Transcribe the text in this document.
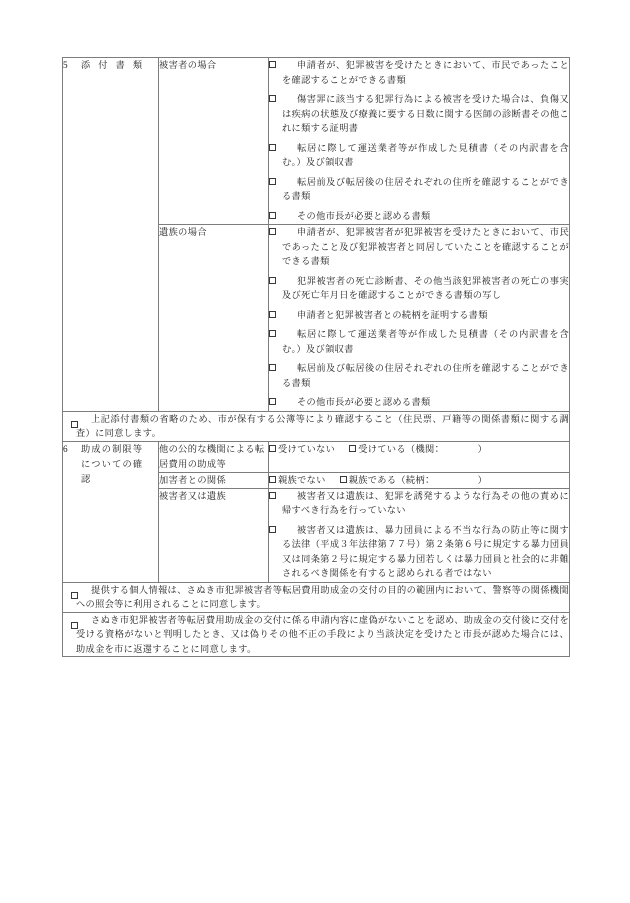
5 添付書類	被害者の場合	申請者が、犯罪被害を受けたときにおいて、市民であったことを確認することができる書類
傷害罪に該当する犯罪行為による被害を受けた場合は、負傷又は疾病の状態及び療養に要する日数に関する医師の診断書その他これに類する証明書
転居に際して運送業者等が作成した見積書（その内訳書を含む。）及び領収書
転居前及び転居後の住居それぞれの住所を確認することができる書類
その他市長が必要と認める書類

遺族の場合	申請者が、犯罪被害者が犯罪被害を受けたときにおいて、市民であったこと及び犯罪被害者と同居していたことを確認することができる書類
犯罪被害者の死亡診断書、その他当該犯罪被害者の死亡の事実及び死亡年月日を確認することができる書類の写し
申請者と犯罪被害者との続柄を証明する書類
転居に際して運送業者等が作成した見積書（その内訳書を含む。）及び領収書
転居前及び転居後の住居それぞれの住所を確認することができる書類
その他市長が必要と認める書類

上記添付書類の省略のため、市が保有する公簿等により確認すること（住民票、戸籍等の関係書類に関する調査）に同意します。		

6 助成の制限等についての確認	他の公的な機関による転居費用の助成等	受けていない 受けている（機関：　　　　）
	加害者との関係	親族でない 親族である（続柄：　　　　　）
被害者又は遺族	被害者又は遺族は、犯罪を誘発するような行為その他の責めに帰すべき行為を行っていない
被害者又は遺族は、暴力団員による不当な行為の防止等に関する法律（平成３年法律第７７号）第２条第６号に規定する暴力団員又は同条第２号に規定する暴力団若しくは暴力団員と社会的に非難されるべき関係を有すると認められる者ではない

提供する個人情報は、さぬき市犯罪被害者等転居費用助成金の交付の目的の範囲内において、警察等の関係機関への照会等に利用されることに同意します。		

さぬき市犯罪被害者等転居費用助成金の交付に係る申請内容に虚偽がないことを認め、助成金の交付後に交付を受ける資格がないと判明したとき、又は偽りその他不正の手段により当該決定を受けたと市長が認めた場合には、助成金を市に返還することに同意します。		
